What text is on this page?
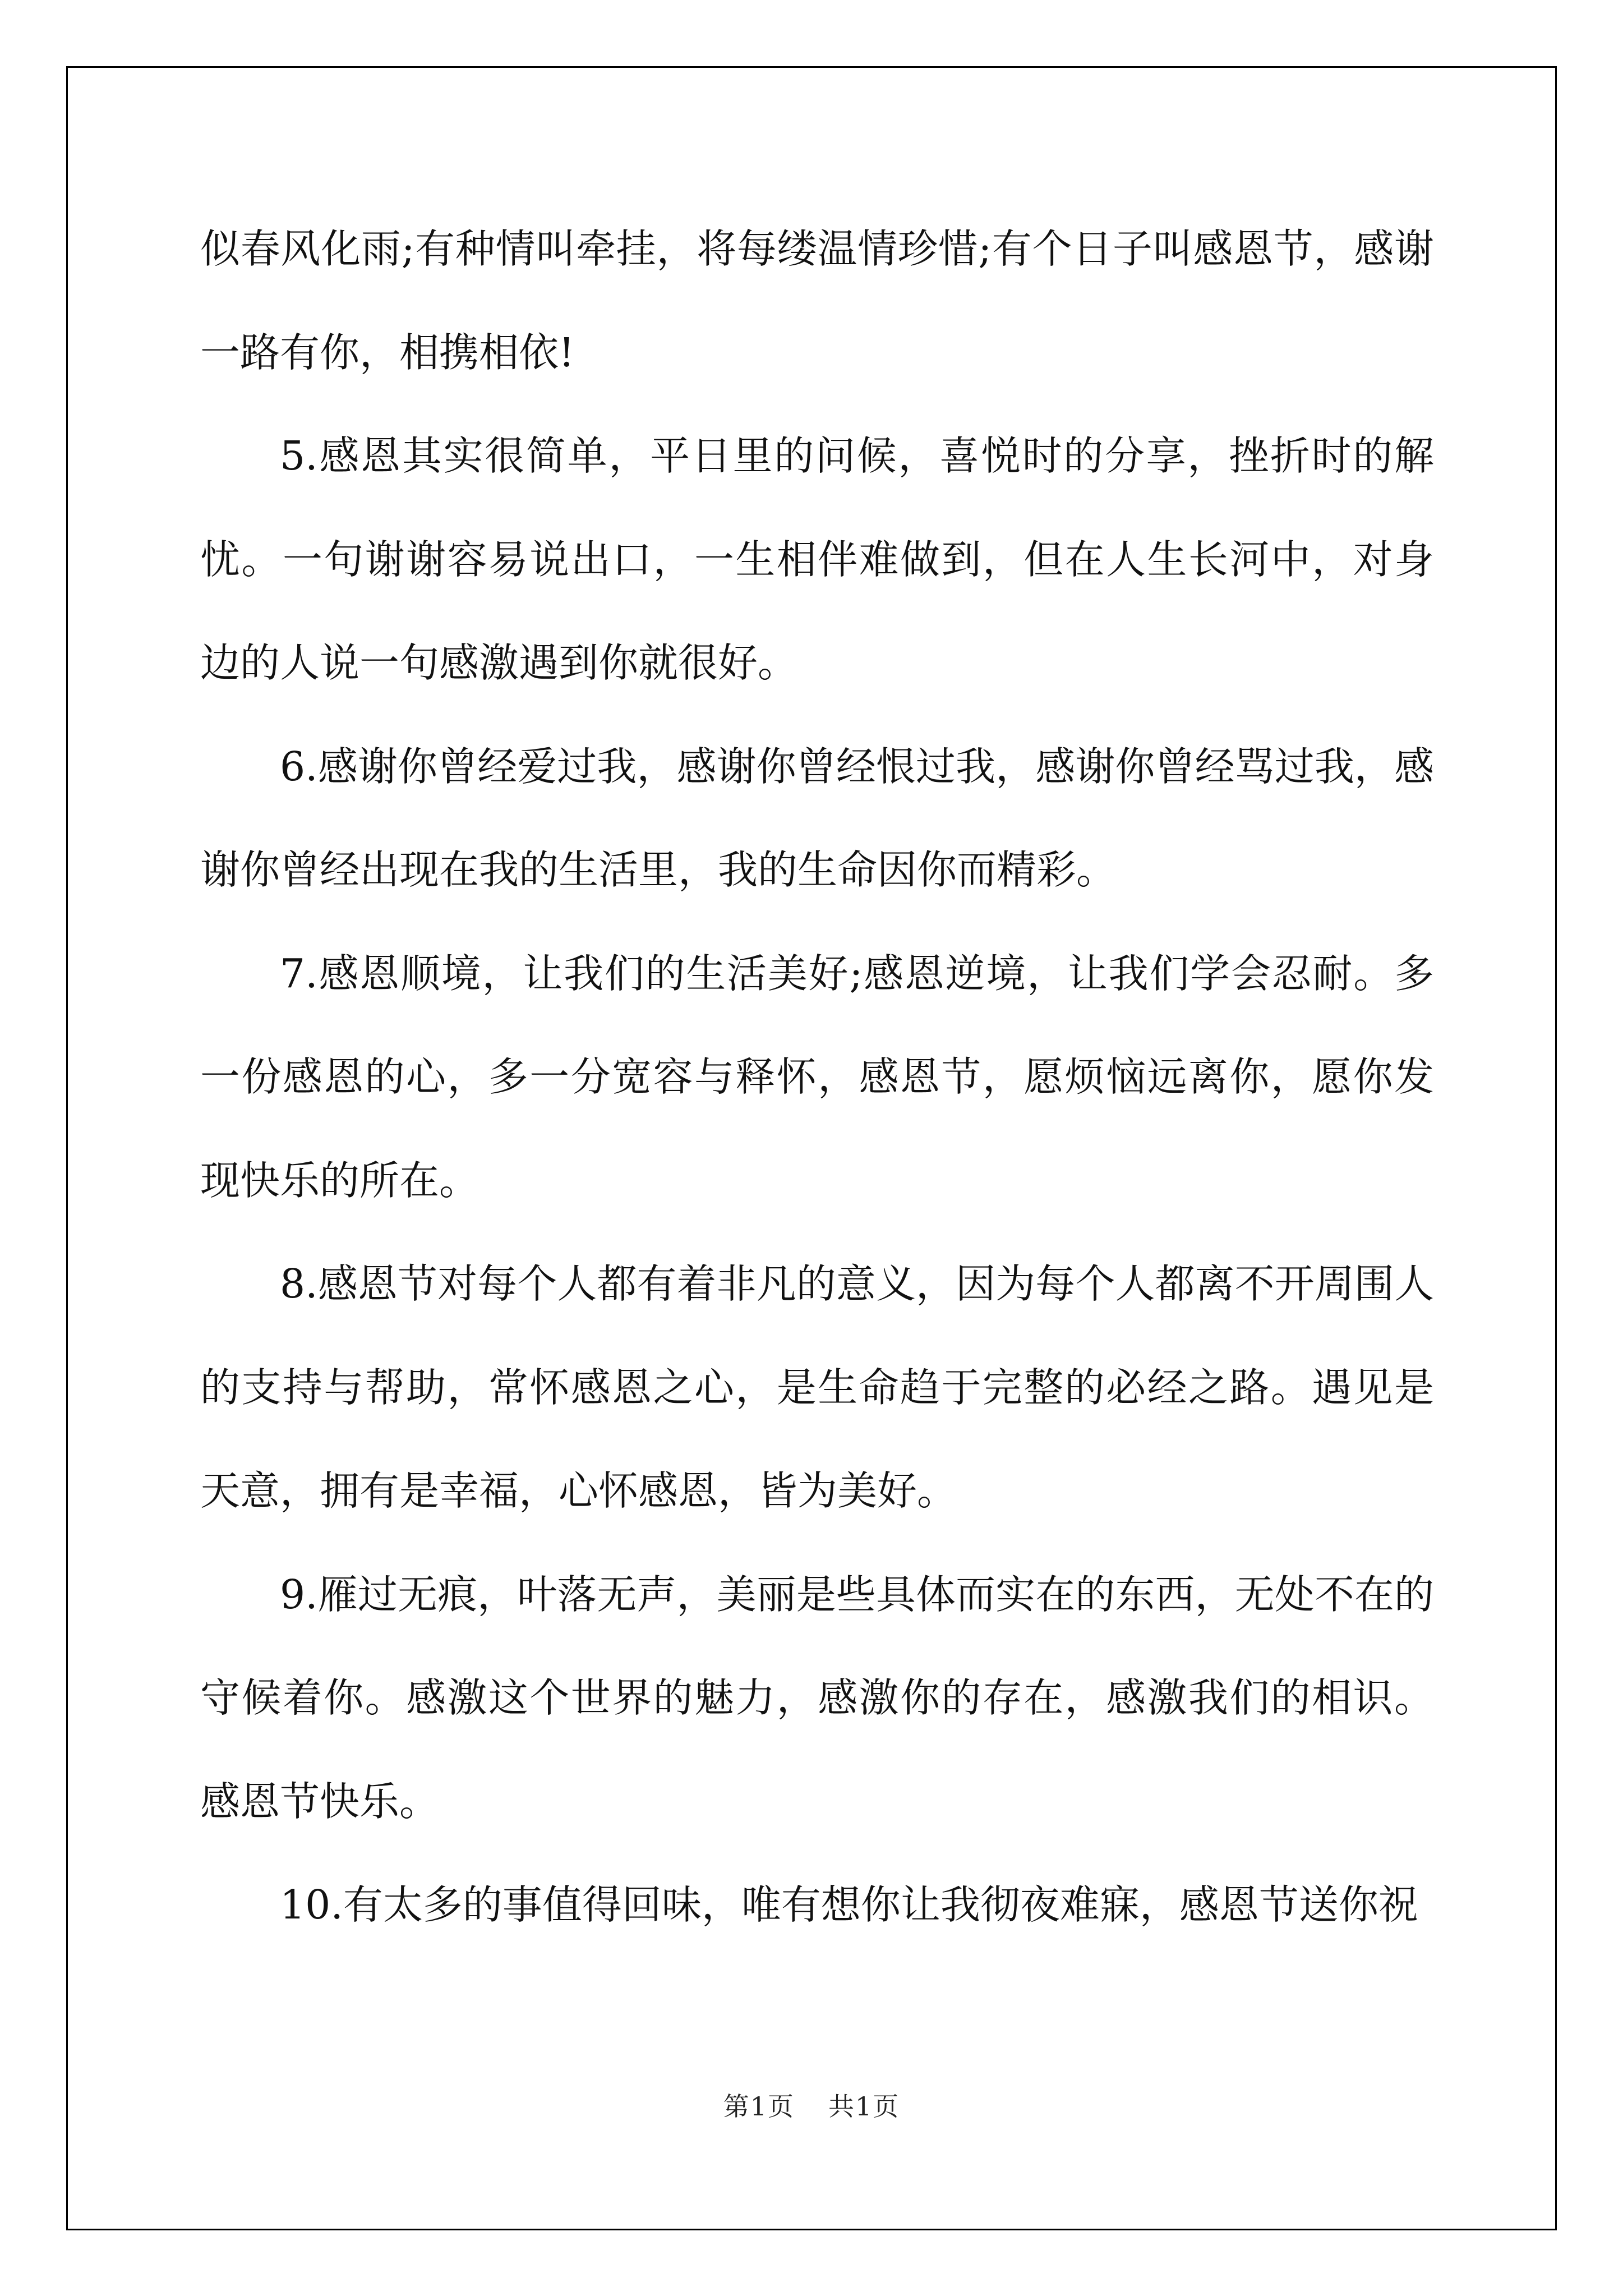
似春风化雨;有种情叫牵挂，将每缕温情珍惜;有个日子叫感恩节，感谢一路有你，相携相依!

5.感恩其实很简单，平日里的问候，喜悦时的分享，挫折时的解忧。一句谢谢容易说出口，一生相伴难做到，但在人生长河中，对身边的人说一句感激遇到你就很好。

6.感谢你曾经爱过我，感谢你曾经恨过我，感谢你曾经骂过我，感谢你曾经出现在我的生活里，我的生命因你而精彩。

7.感恩顺境，让我们的生活美好;感恩逆境，让我们学会忍耐。多一份感恩的心，多一分宽容与释怀，感恩节，愿烦恼远离你，愿你发现快乐的所在。

8.感恩节对每个人都有着非凡的意义，因为每个人都离不开周围人的支持与帮助，常怀感恩之心，是生命趋于完整的必经之路。遇见是天意，拥有是幸福，心怀感恩，皆为美好。

9.雁过无痕，叶落无声，美丽是些具体而实在的东西，无处不在的守候着你。感激这个世界的魅力，感激你的存在，感激我们的相识。感恩节快乐。

10.有太多的事值得回味，唯有想你让我彻夜难寐，感恩节送你祝

第1页 共1页
